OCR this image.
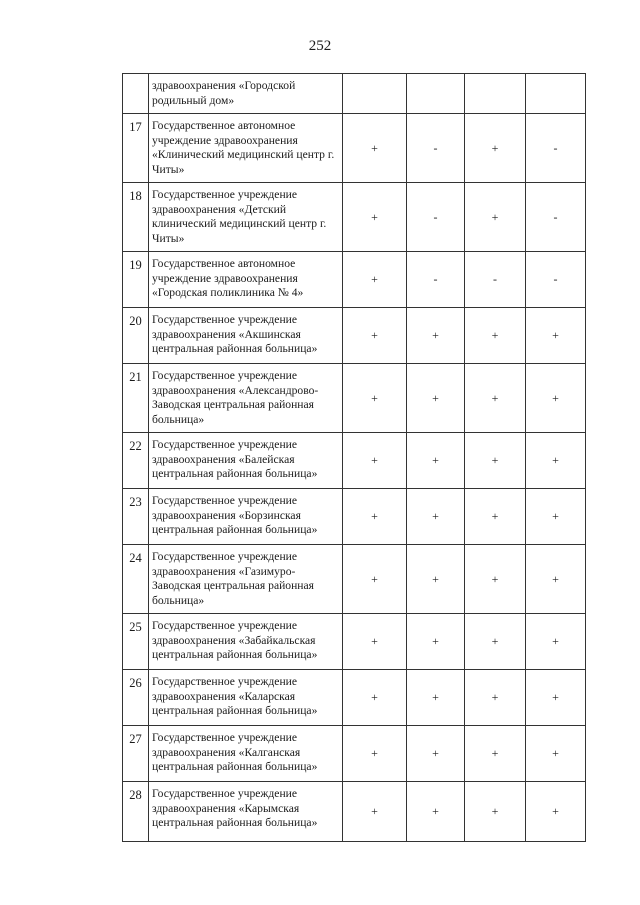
252
	здравоохранения «Городской родильный дом»				
17	Государственное автономное учреждение здравоохранения «Клинический медицинский центр г. Читы»	+	-	+	-
18	Государственное учреждение здравоохранения «Детский клинический медицинский центр г. Читы»	+	-	+	-
19	Государственное автономное учреждение здравоохранения «Городская поликлиника № 4»	+	-	-	-
20	Государственное учреждение здравоохранения «Акшинская центральная районная больница»	+	+	+	+
21	Государственное учреждение здравоохранения «Александрово-Заводская центральная районная больница»	+	+	+	+
22	Государственное учреждение здравоохранения «Балейская центральная районная больница»	+	+	+	+
23	Государственное учреждение здравоохранения «Борзинская центральная районная больница»	+	+	+	+
24	Государственное учреждение здравоохранения «Газимуро-Заводская центральная районная больница»	+	+	+	+
25	Государственное учреждение здравоохранения «Забайкальская центральная районная больница»	+	+	+	+
26	Государственное учреждение здравоохранения «Каларская центральная районная больница»	+	+	+	+
27	Государственное учреждение здравоохранения «Калганская центральная районная больница»	+	+	+	+
28	Государственное учреждение здравоохранения «Карымская центральная районная больница»	+	+	+	+
